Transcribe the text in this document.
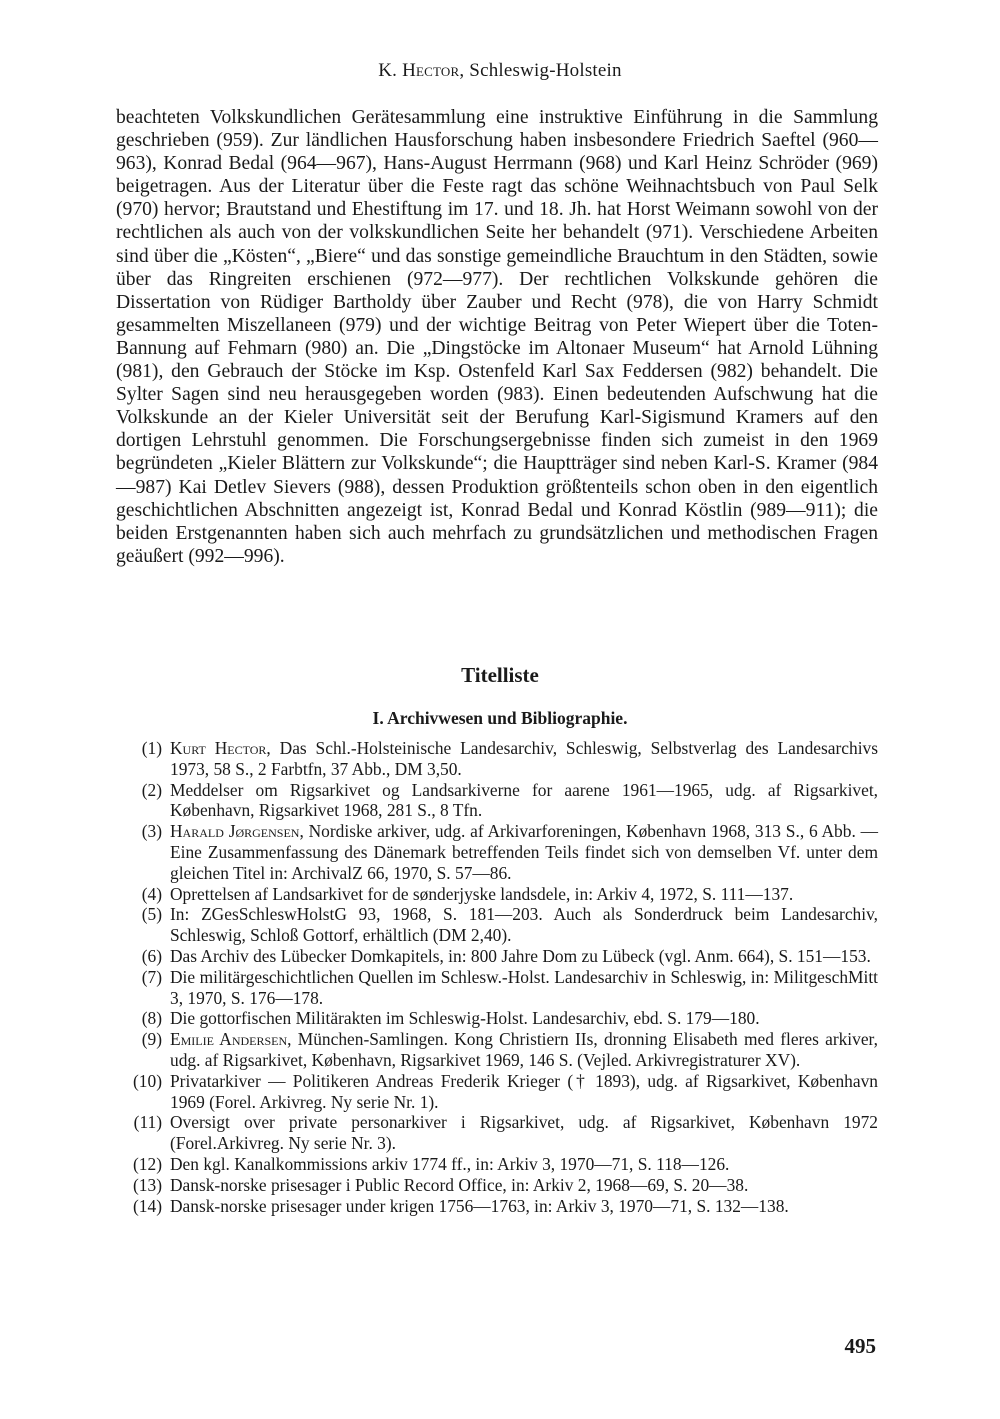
K. Hector, Schleswig-Holstein
beachteten Volkskundlichen Gerätesammlung eine instruktive Einführung in die Sammlung geschrieben (959). Zur ländlichen Hausforschung haben insbesondere Friedrich Saeftel (960—963), Konrad Bedal (964—967), Hans-August Herrmann (968) und Karl Heinz Schröder (969) beigetragen. Aus der Literatur über die Feste ragt das schöne Weihnachtsbuch von Paul Selk (970) hervor; Brautstand und Ehestiftung im 17. und 18. Jh. hat Horst Weimann sowohl von der rechtlichen als auch von der volkskundlichen Seite her behandelt (971). Verschiedene Arbeiten sind über die „Kösten“, „Biere“ und das sonstige gemeindliche Brauchtum in den Städten, sowie über das Ringreiten erschienen (972—977). Der rechtlichen Volkskunde gehören die Dissertation von Rüdiger Bartholdy über Zauber und Recht (978), die von Harry Schmidt gesammelten Miszellaneen (979) und der wichtige Beitrag von Peter Wiepert über die Toten-Bannung auf Fehmarn (980) an. Die „Dingstöcke im Altonaer Museum“ hat Arnold Lühning (981), den Gebrauch der Stöcke im Ksp. Ostenfeld Karl Sax Feddersen (982) behandelt. Die Sylter Sagen sind neu herausgegeben worden (983). Einen bedeutenden Aufschwung hat die Volkskunde an der Kieler Universität seit der Berufung Karl-Sigismund Kramers auf den dortigen Lehrstuhl genommen. Die Forschungsergebnisse finden sich zumeist in den 1969 begründeten „Kieler Blättern zur Volkskunde“; die Hauptträger sind neben Karl-S. Kramer (984—987) Kai Detlev Sievers (988), dessen Produktion größtenteils schon oben in den eigentlich geschichtlichen Abschnitten angezeigt ist, Konrad Bedal und Konrad Köstlin (989—911); die beiden Erstgenannten haben sich auch mehrfach zu grundsätzlichen und methodischen Fragen geäußert (992—996).
Titelliste
I. Archivwesen und Bibliographie.
(1) Kurt Hector, Das Schl.-Holsteinische Landesarchiv, Schleswig, Selbstverlag des Landesarchivs 1973, 58 S., 2 Farbtfn, 37 Abb., DM 3,50.
(2) Meddelser om Rigsarkivet og Landsarkiverne for aarene 1961—1965, udg. af Rigsarkivet, København, Rigsarkivet 1968, 281 S., 8 Tfn.
(3) Harald Jørgensen, Nordiske arkiver, udg. af Arkivarforeningen, København 1968, 313 S., 6 Abb. — Eine Zusammenfassung des Dänemark betreffenden Teils findet sich von demselben Vf. unter dem gleichen Titel in: ArchivalZ 66, 1970, S. 57—86.
(4) Oprettelsen af Landsarkivet for de sønderjyske landsdele, in: Arkiv 4, 1972, S. 111—137.
(5) In: ZGesSchleswHolstG 93, 1968, S. 181—203. Auch als Sonderdruck beim Landesarchiv, Schleswig, Schloß Gottorf, erhältlich (DM 2,40).
(6) Das Archiv des Lübecker Domkapitels, in: 800 Jahre Dom zu Lübeck (vgl. Anm. 664), S. 151—153.
(7) Die militärgeschichtlichen Quellen im Schlesw.-Holst. Landesarchiv in Schleswig, in: MilitgeschMitt 3, 1970, S. 176—178.
(8) Die gottorfischen Militärakten im Schleswig-Holst. Landesarchiv, ebd. S. 179—180.
(9) Emilie Andersen, München-Samlingen. Kong Christiern IIs, dronning Elisabeth med fleres arkiver, udg. af Rigsarkivet, København, Rigsarkivet 1969, 146 S. (Vejled. Arkivregistraturer XV).
(10) Privatarkiver — Politikeren Andreas Frederik Krieger († 1893), udg. af Rigsarkivet, København 1969 (Forel. Arkivreg. Ny serie Nr. 1).
(11) Oversigt over private personarkiver i Rigsarkivet, udg. af Rigsarkivet, København 1972 (Forel.Arkivreg. Ny serie Nr. 3).
(12) Den kgl. Kanalkommissions arkiv 1774 ff., in: Arkiv 3, 1970—71, S. 118—126.
(13) Dansk-norske prisesager i Public Record Office, in: Arkiv 2, 1968—69, S. 20—38.
(14) Dansk-norske prisesager under krigen 1756—1763, in: Arkiv 3, 1970—71, S. 132—138.
495
